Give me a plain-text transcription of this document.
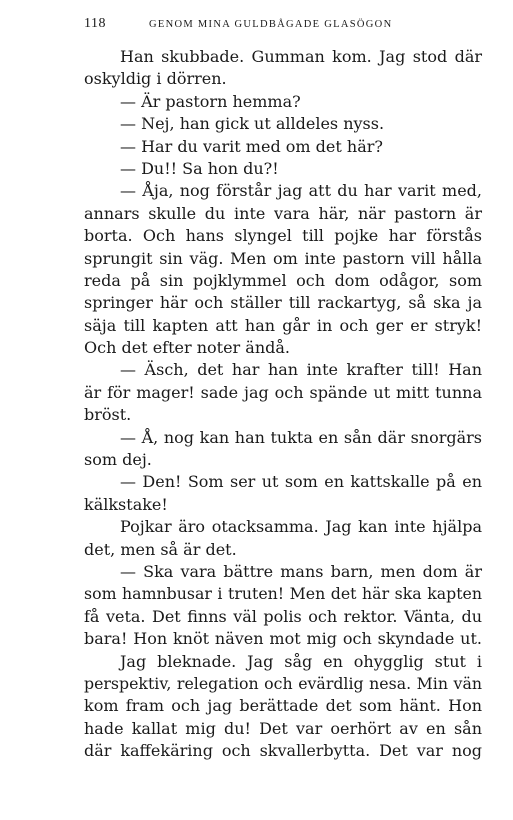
118	GENOM MINA GULDBÅGADE GLASÖGON
Han skubbade. Gumman kom. Jag stod där
oskyldig i dörren.
— Är pastorn hemma?
— Nej, han gick ut alldeles nyss.
— Har du varit med om det här?
— Du!! Sa hon du?!
— Åja, nog förstår jag att du har varit med,
annars skulle du inte vara här, när pastorn är
borta. Och hans slyngel till pojke har förstås
sprungit sin väg. Men om inte pastorn vill hålla
reda på sin pojklymmel och dom odågor, som
springer här och ställer till rackartyg, så ska ja
säja till kapten att han går in och ger er stryk!
Och det efter noter ändå.
— Äsch, det har han inte krafter till! Han
är för mager! sade jag och spände ut mitt tunna
bröst.
— Å, nog kan han tukta en sån där snorgärs
som dej.
— Den! Som ser ut som en kattskalle på en
kälkstake!
Pojkar äro otacksamma. Jag kan inte hjälpa
det, men så är det.
— Ska vara bättre mans barn, men dom är
som hamnbusar i truten! Men det här ska kapten
få veta. Det finns väl polis och rektor. Vänta, du
bara! Hon knöt näven mot mig och skyndade ut.
Jag bleknade. Jag såg en ohygglig stut i
perspektiv, relegation och evärdlig nesa. Min vän
kom fram och jag berättade det som hänt. Hon
hade kallat mig du! Det var oerhört av en sån
där kaffekäring och skvallerbytta. Det var nog
